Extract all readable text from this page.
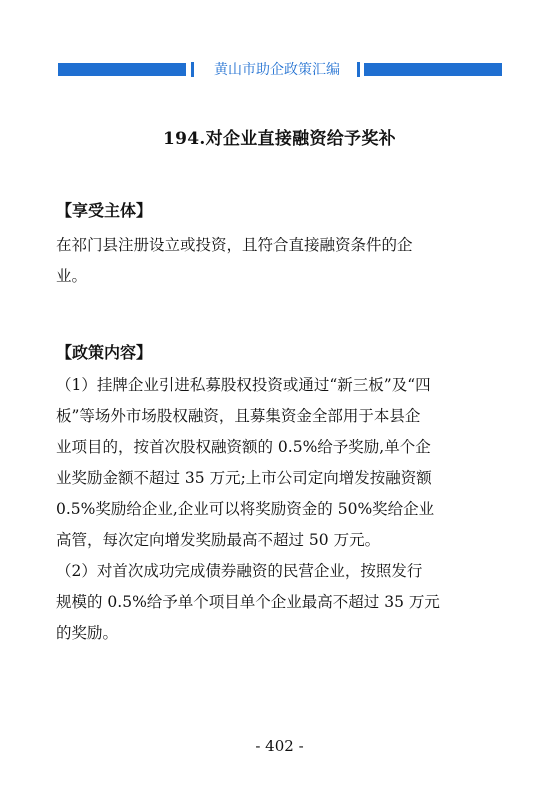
黄山市助企政策汇编
194.对企业直接融资给予奖补
【享受主体】
在祁门县注册设立或投资，且符合直接融资条件的企
业。
【政策内容】
（1）挂牌企业引进私募股权投资或通过“新三板”及“四
板”等场外市场股权融资，且募集资金全部用于本县企
业项目的，按首次股权融资额的 0.5%给予奖励,单个企
业奖励金额不超过 35 万元;上市公司定向增发按融资额
0.5%奖励给企业,企业可以将奖励资金的 50%奖给企业
高管，每次定向增发奖励最高不超过 50 万元。
（2）对首次成功完成债券融资的民营企业，按照发行
规模的 0.5%给予单个项目单个企业最高不超过 35 万元
的奖励。
- 402 -
